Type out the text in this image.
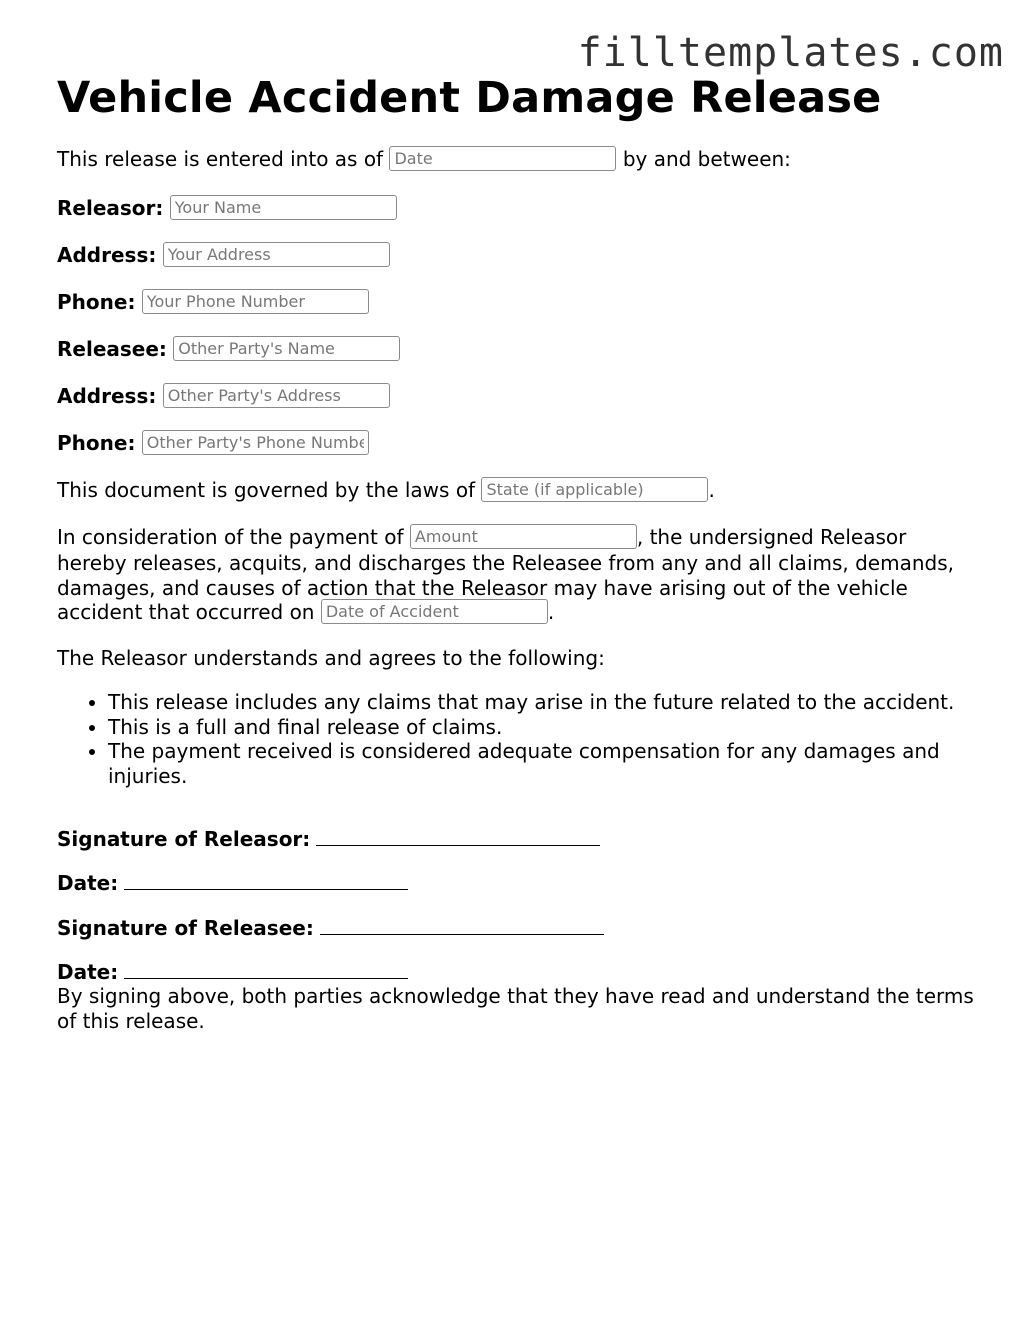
filltemplates.com
Vehicle Accident Damage Release

This release is entered into as of Date	by and between:

Releasor: Your Name

Address: Your Address

Phone: Your Phone Number

Releasee: Other Party's Name

Address: Other Party's Address

Phone: Other Party's Phone Number

This document is governed by the laws of State (if applicable)	.

In consideration of the payment of Amount	, the undersigned Releasor hereby releases, acquits, and discharges the Releasee from any and all claims, demands, damages, and causes of action that the Releasor may have arising out of the vehicle accident that occurred on Date of Accident	.

The Releasor understands and agrees to the following:

• This release includes any claims that may arise in the future related to the accident.
• This is a full and final release of claims.
• The payment received is considered adequate compensation for any damages and injuries.

Signature of Releasor:

Date:

Signature of Releasee:

Date:

By signing above, both parties acknowledge that they have read and understand the terms of this release.
